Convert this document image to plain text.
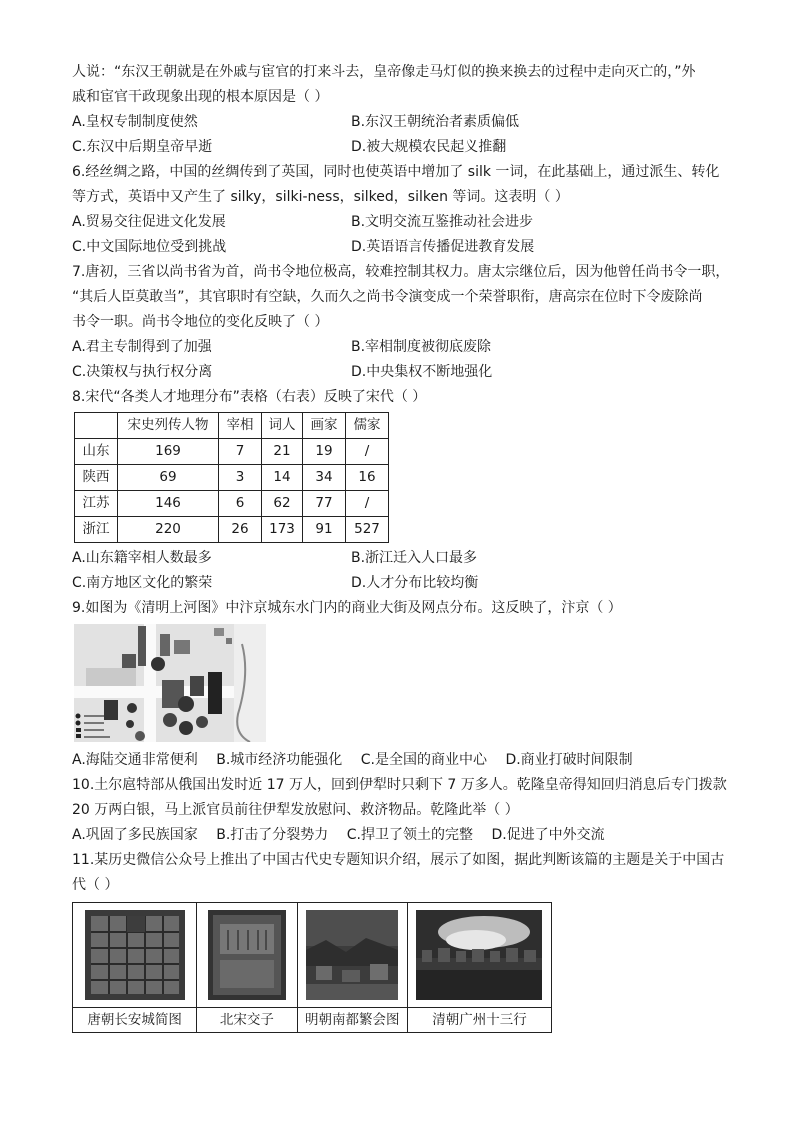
人说：“东汉王朝就是在外戚与宦官的打来斗去，皇帝像走马灯似的换来换去的过程中走向灭亡的，”外
戚和宦官干政现象出现的根本原因是（ ）
A.皇权专制制度使然	B.东汉王朝统治者素质偏低
C.东汉中后期皇帝早逝	D.被大规模农民起义推翻
6.经丝绸之路，中国的丝绸传到了英国，同时也使英语中增加了 silk 一词，在此基础上，通过派生、转化
等方式，英语中又产生了 silky，silki-ness，silked，silken 等词。这表明（ ）
A.贸易交往促进文化发展	B.文明交流互鉴推动社会进步
C.中文国际地位受到挑战	D.英语语言传播促进教育发展
7.唐初，三省以尚书省为首，尚书令地位极高，较难控制其权力。唐太宗继位后，因为他曾任尚书令一职，
“其后人臣莫敢当”，其官职时有空缺，久而久之尚书令演变成一个荣誉职衔，唐高宗在位时下令废除尚
书令一职。尚书令地位的变化反映了（ ）
A.君主专制得到了加强	B.宰相制度被彻底废除
C.决策权与执行权分离	D.中央集权不断地强化
8.宋代“各类人才地理分布”表格（右表）反映了宋代（ ）
	宋史列传人物	宰相	词人	画家	儒家
山东	169	7	21	19	/
陕西	69	3	14	34	16
江苏	146	6	62	77	/
浙江	220	26	173	91	527
A.山东籍宰相人数最多	B.浙江迁入人口最多
C.南方地区文化的繁荣	D.人才分布比较均衡
9.如图为《清明上河图》中汴京城东水门内的商业大街及网点分布。这反映了，汴京（ ）
A.海陆交通非常便利 B.城市经济功能强化 C.是全国的商业中心 D.商业打破时间限制
10.土尔扈特部从俄国出发时近 17 万人，回到伊犁时只剩下 7 万多人。乾隆皇帝得知回归消息后专门拨款
20 万两白银，马上派官员前往伊犁发放慰问、救济物品。乾隆此举（ ）
A.巩固了多民族国家 B.打击了分裂势力 C.捍卫了领土的完整 D.促进了中外交流
11.某历史微信公众号上推出了中国古代史专题知识介绍，展示了如图，据此判断该篇的主题是关于中国古
代（ ）
唐朝长安城简图	北宋交子	明朝南都繁会图	清朝广州十三行
